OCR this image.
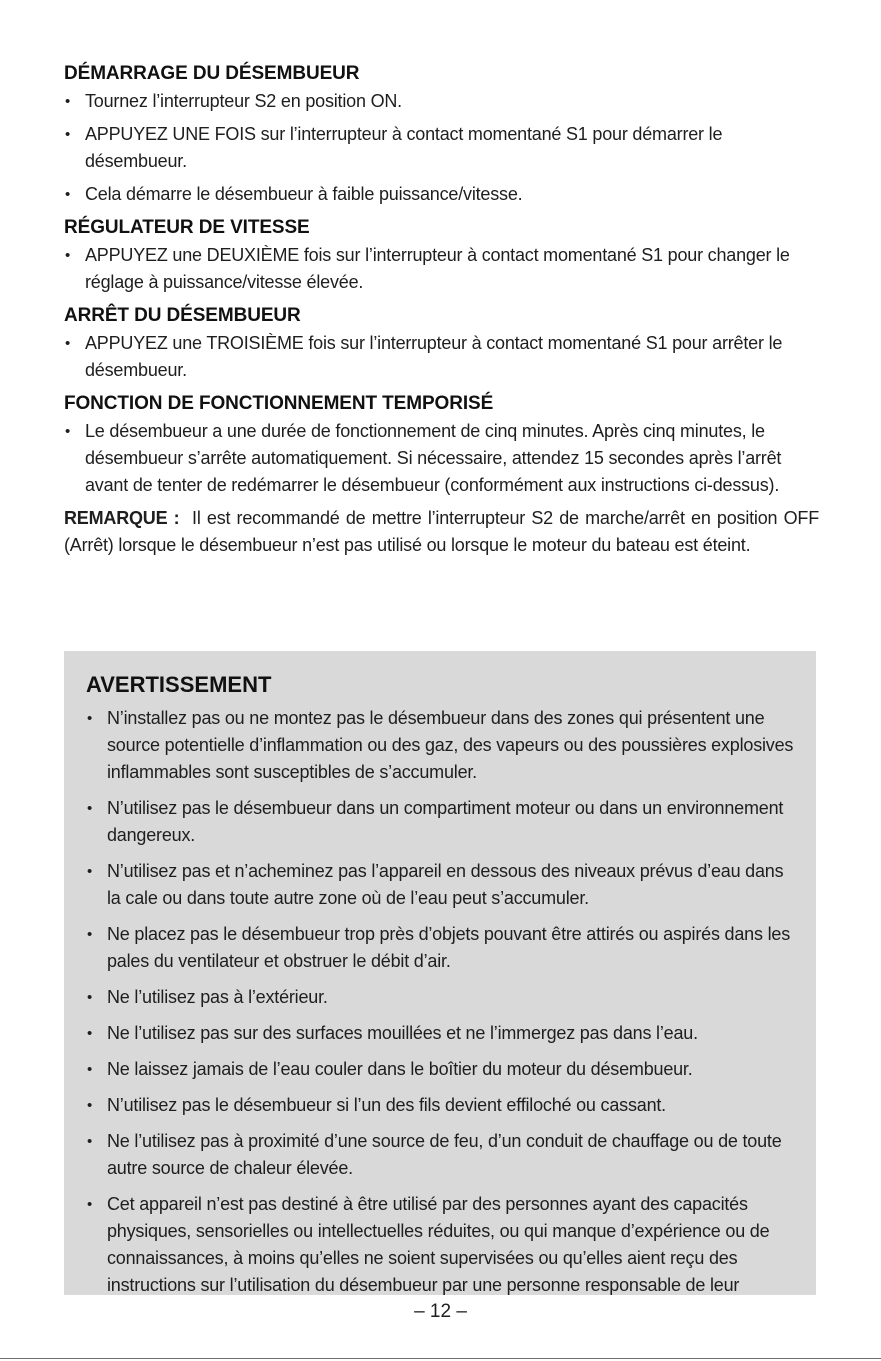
DÉMARRAGE DU DÉSEMBUEUR
• Tournez l’interrupteur S2 en position ON.
• APPUYEZ UNE FOIS sur l’interrupteur à contact momentané S1 pour démarrer le désembueur.
• Cela démarre le désembueur à faible puissance/vitesse.
RÉGULATEUR DE VITESSE
• APPUYEZ une DEUXIÈME fois sur l’interrupteur à contact momentané S1 pour changer le réglage à puissance/vitesse élevée.
ARRÊT DU DÉSEMBUEUR
• APPUYEZ une TROISIÈME fois sur l’interrupteur à contact momentané S1 pour arrêter le désembueur.
FONCTION DE FONCTIONNEMENT TEMPORISÉ
• Le désembueur a une durée de fonctionnement de cinq minutes. Après cinq minutes, le désembueur s’arrête automatiquement. Si nécessaire, attendez 15 secondes après l’arrêt avant de tenter de redémarrer le désembueur (conformément aux instructions ci-dessus).

REMARQUE : Il est recommandé de mettre l’interrupteur S2 de marche/arrêt en position OFF (Arrêt) lorsque le désembueur n’est pas utilisé ou lorsque le moteur du bateau est éteint.

AVERTISSEMENT
• N’installez pas ou ne montez pas le désembueur dans des zones qui présentent une source potentielle d’inflammation ou des gaz, des vapeurs ou des poussières explosives inflammables sont susceptibles de s’accumuler.
• N’utilisez pas le désembueur dans un compartiment moteur ou dans un environnement dangereux.
• N’utilisez pas et n’acheminez pas l’appareil en dessous des niveaux prévus d’eau dans la cale ou dans toute autre zone où de l’eau peut s’accumuler.
• Ne placez pas le désembueur trop près d’objets pouvant être attirés ou aspirés dans les pales du ventilateur et obstruer le débit d’air.
• Ne l’utilisez pas à l’extérieur.
• Ne l’utilisez pas sur des surfaces mouillées et ne l’immergez pas dans l’eau.
• Ne laissez jamais de l’eau couler dans le boîtier du moteur du désembueur.
• N’utilisez pas le désembueur si l’un des fils devient effiloché ou cassant.
• Ne l’utilisez pas à proximité d’une source de feu, d’un conduit de chauffage ou de toute autre source de chaleur élevée.
• Cet appareil n’est pas destiné à être utilisé par des personnes ayant des capacités physiques, sensorielles ou intellectuelles réduites, ou qui manque d’expérience ou de connaissances, à moins qu’elles ne soient supervisées ou qu’elles aient reçu des instructions sur l’utilisation du désembueur par une personne responsable de leur
– 12 –
